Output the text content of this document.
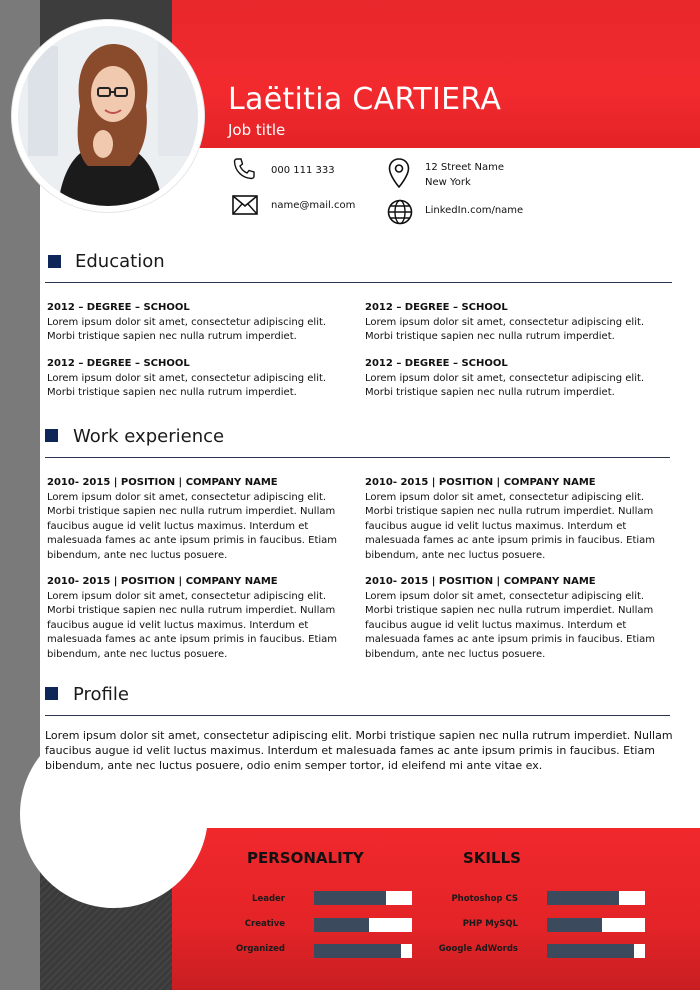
Laëtitia CARTIERA
Job title
000 111 333
name@mail.com
12 Street Name
New York
LinkedIn.com/name
Education
2012 – DEGREE – SCHOOL
Lorem ipsum dolor sit amet, consectetur adipiscing elit. Morbi tristique sapien nec nulla rutrum imperdiet.
2012 – DEGREE – SCHOOL
Lorem ipsum dolor sit amet, consectetur adipiscing elit. Morbi tristique sapien nec nulla rutrum imperdiet.
2012 – DEGREE – SCHOOL
Lorem ipsum dolor sit amet, consectetur adipiscing elit. Morbi tristique sapien nec nulla rutrum imperdiet.
2012 – DEGREE – SCHOOL
Lorem ipsum dolor sit amet, consectetur adipiscing elit. Morbi tristique sapien nec nulla rutrum imperdiet.
Work experience
2010- 2015 | POSITION | COMPANY NAME
Lorem ipsum dolor sit amet, consectetur adipiscing elit. Morbi tristique sapien nec nulla rutrum imperdiet. Nullam faucibus augue id velit luctus maximus. Interdum et malesuada fames ac ante ipsum primis in faucibus. Etiam bibendum, ante nec luctus posuere.
2010- 2015 | POSITION | COMPANY NAME
Lorem ipsum dolor sit amet, consectetur adipiscing elit. Morbi tristique sapien nec nulla rutrum imperdiet. Nullam faucibus augue id velit luctus maximus. Interdum et malesuada fames ac ante ipsum primis in faucibus. Etiam bibendum, ante nec luctus posuere.
2010- 2015 | POSITION | COMPANY NAME
Lorem ipsum dolor sit amet, consectetur adipiscing elit. Morbi tristique sapien nec nulla rutrum imperdiet. Nullam faucibus augue id velit luctus maximus. Interdum et malesuada fames ac ante ipsum primis in faucibus. Etiam bibendum, ante nec luctus posuere.
2010- 2015 | POSITION | COMPANY NAME
Lorem ipsum dolor sit amet, consectetur adipiscing elit. Morbi tristique sapien nec nulla rutrum imperdiet. Nullam faucibus augue id velit luctus maximus. Interdum et malesuada fames ac ante ipsum primis in faucibus. Etiam bibendum, ante nec luctus posuere.
Profile
Lorem ipsum dolor sit amet, consectetur adipiscing elit. Morbi tristique sapien nec nulla rutrum imperdiet. Nullam faucibus augue id velit luctus maximus. Interdum et malesuada fames ac ante ipsum primis in faucibus. Etiam bibendum, ante nec luctus posuere, odio enim semper tortor, id eleifend mi ante vitae ex.
PERSONALITY	SKILLS
Leader
Creative
Organized
Photoshop CS
PHP MySQL
Google AdWords
